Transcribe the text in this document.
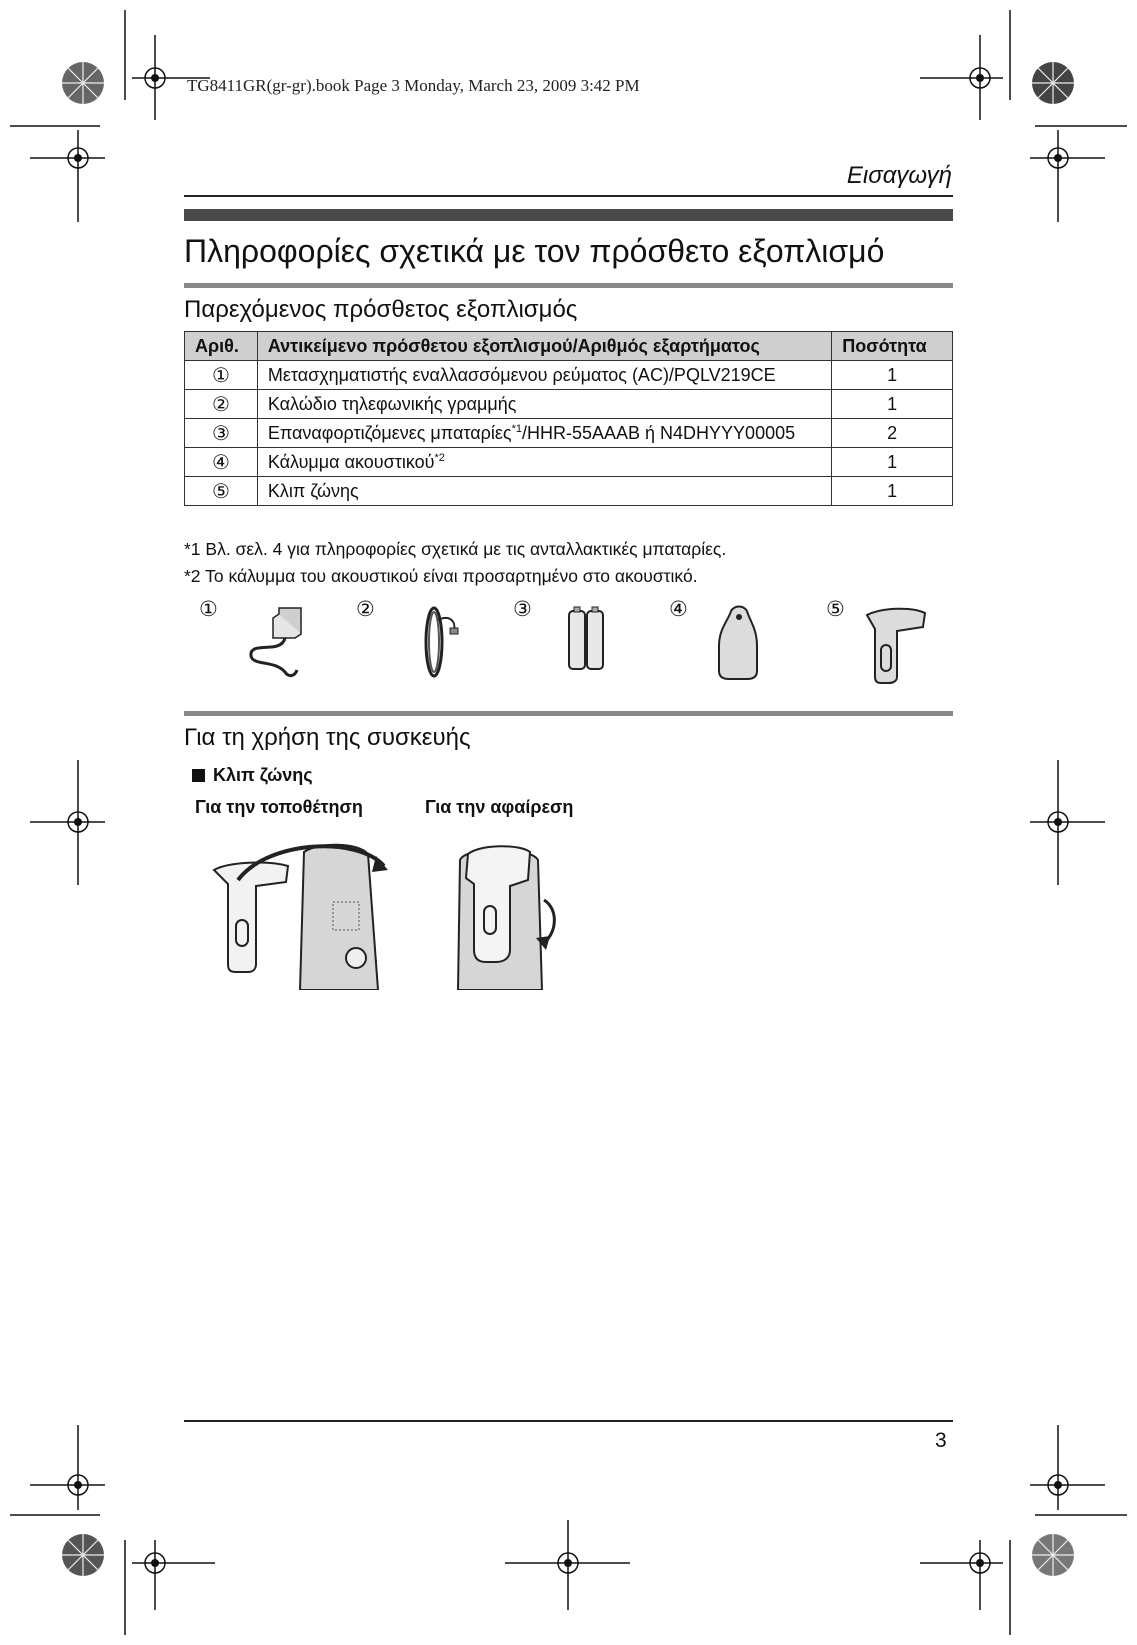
TG8411GR(gr-gr).book Page 3 Monday, March 23, 2009 3:42 PM
Εισαγωγή
Πληροφορίες σχετικά με τον πρόσθετο εξοπλισμό
Παρεχόμενος πρόσθετος εξοπλισμός
Αριθ.	Αντικείμενο πρόσθετου εξοπλισμού/Αριθμός εξαρτήματος	Ποσότητα
①	Μετασχηματιστής εναλλασσόμενου ρεύματος (AC)/PQLV219CE	1
②	Καλώδιο τηλεφωνικής γραμμής	1
③	Επαναφορτιζόμενες μπαταρίες$^{*1}$/HHR-55AAAB ή N4DHYYY00005	2
④	Κάλυμμα ακουστικού$^{*2}$	1
⑤	Κλιπ ζώνης	1
*1 Βλ. σελ. 4 για πληροφορίες σχετικά με τις ανταλλακτικές μπαταρίες.
*2 Το κάλυμμα του ακουστικού είναι προσαρτημένο στο ακουστικό.
①	②	③	④	⑤
Για τη χρήση της συσκευής
Κλιπ ζώνης
Για την τοποθέτηση	Για την αφαίρεση
3
